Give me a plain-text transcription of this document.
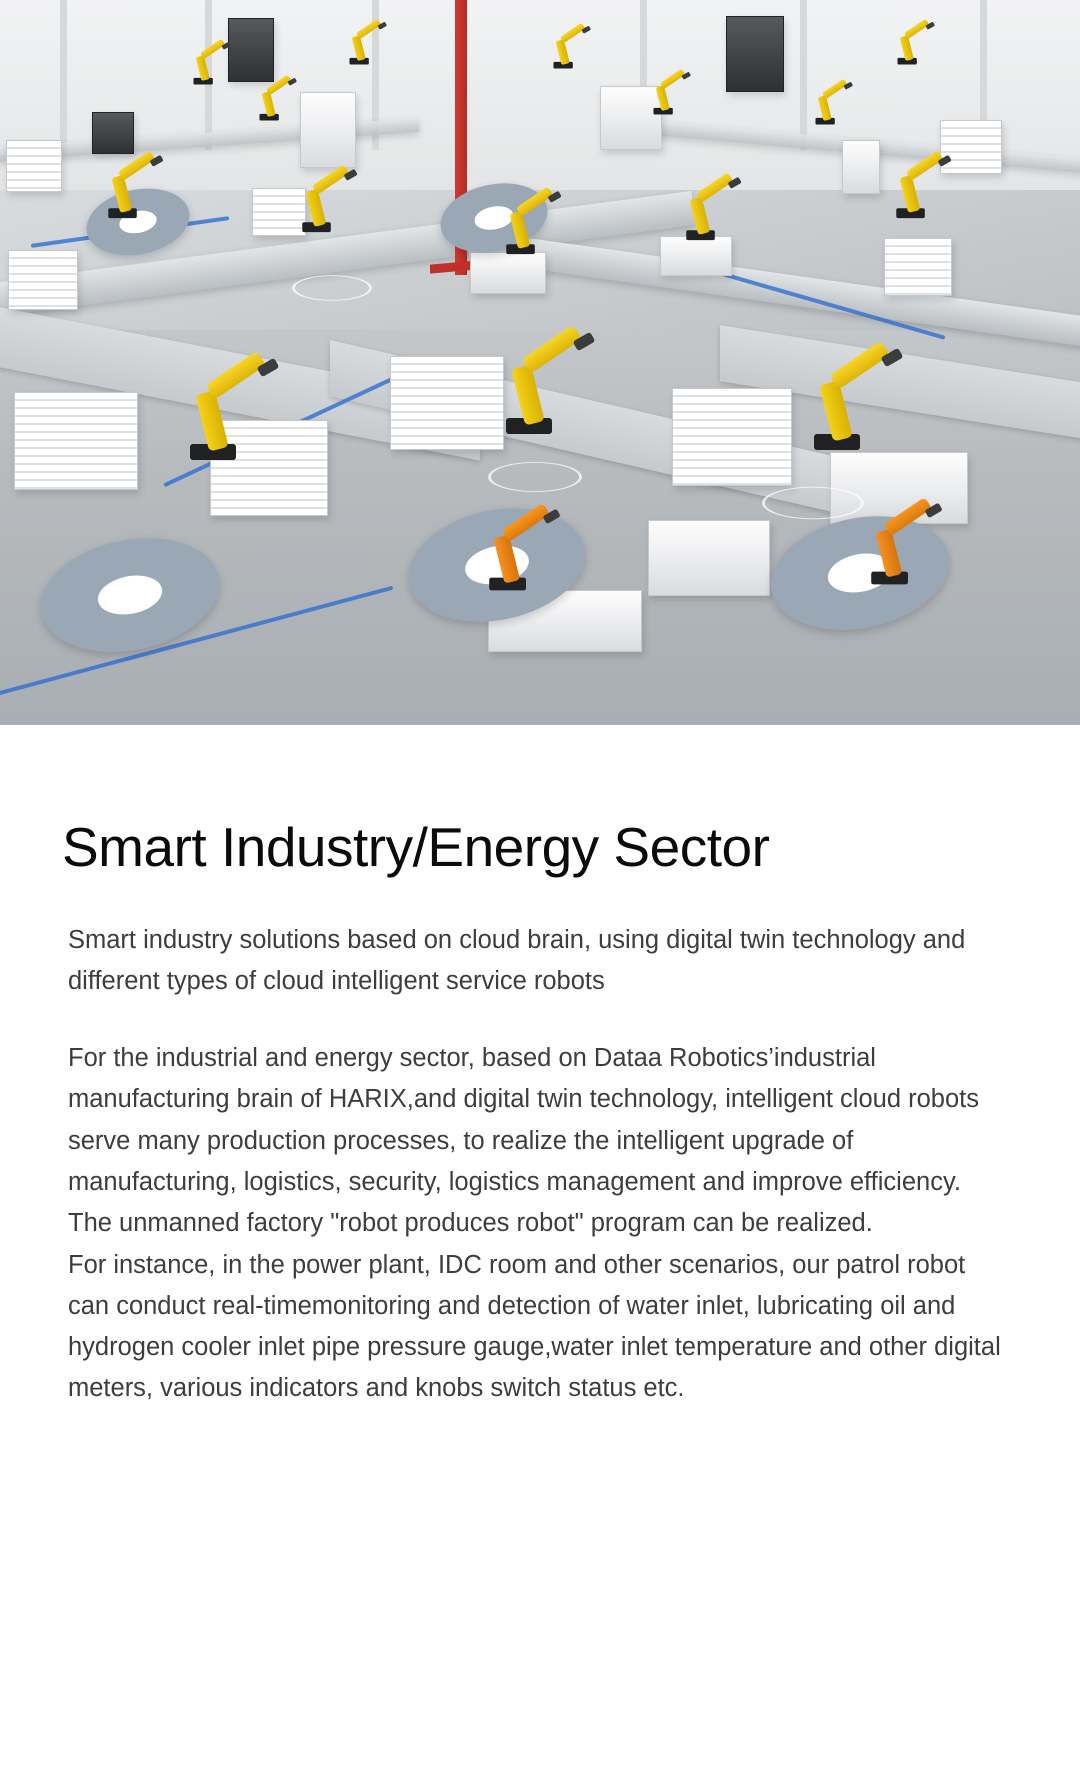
Smart Industry/Energy Sector

Smart industry solutions based on cloud brain, using digital twin technology and different types of cloud intelligent service robots

For the industrial and energy sector, based on Dataa Robotics’industrial manufacturing brain of HARIX,and digital twin technology, intelligent cloud robots serve many production processes, to realize the intelligent upgrade of manufacturing, logistics, security, logistics management and improve efficiency.

The unmanned factory "robot produces robot" program can be realized.

For instance, in the power plant, IDC room and other scenarios, our patrol robot can conduct real-timemonitoring and detection of water inlet, lubricating oil and hydrogen cooler inlet pipe pressure gauge,water inlet temperature and other digital meters, various indicators and knobs switch status etc.
